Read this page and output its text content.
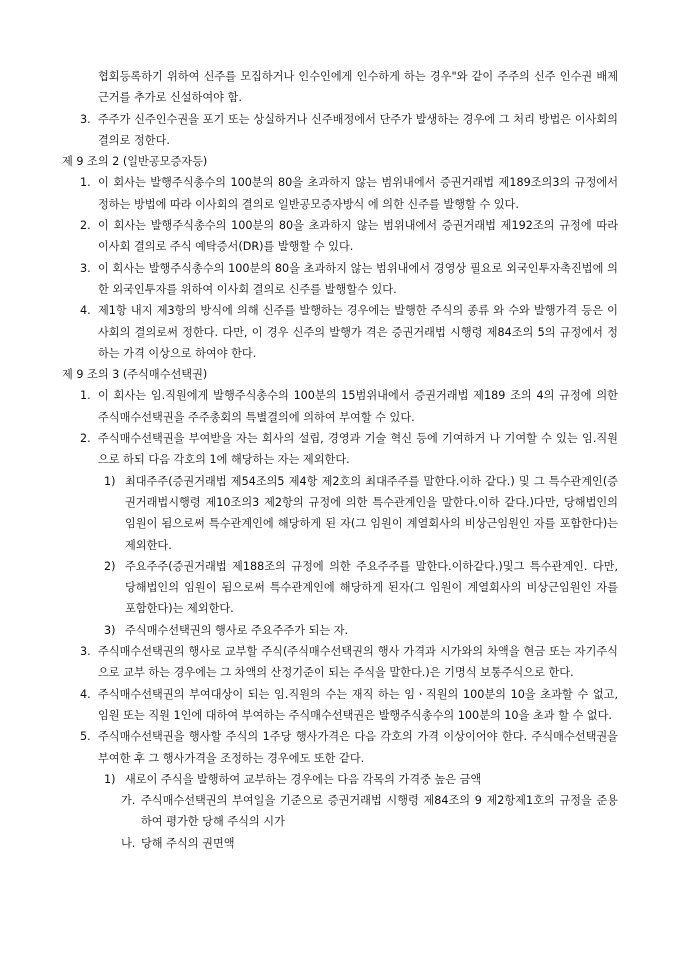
협회등록하기 위하여 신주를 모집하거나 인수인에게 인수하게 하는 경우"와 같이 주주의 신주 인수권 배제근거를 추가로 신설하여야 함.
3. 주주가 신주인수권을 포기 또는 상실하거나 신주배정에서 단주가 발생하는 경우에 그 처리 방법은 이사회의 결의로 정한다.
제 9 조의 2 (일반공모증자등)
1. 이 회사는 발행주식총수의 100분의 80을 초과하지 않는 범위내에서 증권거래법 제189조의3의 규정에서 정하는 방법에 따라 이사회의 결의로 일반공모증자방식 에 의한 신주를 발행할 수 있다.
2. 이 회사는 발행주식총수의 100분의 80을 초과하지 않는 범위내에서 증권거래법 제192조의 규정에 따라 이사회 결의로 주식 예탁증서(DR)를 발행할 수 있다.
3. 이 회사는 발행주식총수의 100분의 80을 초과하지 않는 범위내에서 경영상 필요로 외국인투자촉진법에 의한 외국인투자를 위하여 이사회 결의로 신주를 발행할수 있다.
4. 제1항 내지 제3항의 방식에 의해 신주를 발행하는 경우에는 발행한 주식의 종류 와 수와 발행가격 등은 이사회의 결의로써 정한다. 다만, 이 경우 신주의 발행가 격은 증권거래법 시행령 제84조의 5의 규정에서 정하는 가격 이상으로 하여야 한다.
제 9 조의 3 (주식매수선택권)
1. 이 회사는 임.직원에게 발행주식총수의 100분의 15범위내에서 증권거래법 제189 조의 4의 규정에 의한 주식매수선택권을 주주총회의 특별결의에 의하여 부여할 수 있다.
2. 주식매수선택권을 부여받을 자는 회사의 설립, 경영과 기술 혁신 등에 기여하거 나 기여할 수 있는 임.직원으로 하되 다음 각호의 1에 해당하는 자는 제외한다.
1) 최대주주(증권거래법 제54조의5 제4항 제2호의 최대주주를 말한다.이하 같다.) 및 그 특수관계인(증권거래법시행령 제10조의3 제2항의 규정에 의한 특수관계인을 말한다.이하 같다.)다만, 당해법인의 임원이 됨으로써 특수관계인에 해당하게 된 자(그 임원이 계열회사의 비상근임원인 자를 포함한다)는 제외한다.
2) 주요주주(증권거래법 제188조의 규정에 의한 주요주주를 말한다.이하같다.)및그 특수관계인. 다만, 당해법인의 임원이 됨으로써 특수관계인에 해당하게 된자(그 임원이 계열회사의 비상근임원인 자를 포함한다)는 제외한다.
3) 주식매수선택권의 행사로 주요주주가 되는 자.
3. 주식매수선택권의 행사로 교부할 주식(주식매수선택권의 행사 가격과 시가와의 차액을 현금 또는 자기주식으로 교부 하는 경우에는 그 차액의 산정기준이 되는 주식을 말한다.)은 기명식 보통주식으로 한다.
4. 주식매수선택권의 부여대상이 되는 임.직원의 수는 재직 하는 임ㆍ직원의 100분의 10을 초과할 수 없고, 임원 또는 직원 1인에 대하여 부여하는 주식매수선택권은 발행주식총수의 100분의 10을 초과 할 수 없다.
5. 주식매수선택권을 행사할 주식의 1주당 행사가격은 다음 각호의 가격 이상이어야 한다. 주식매수선택권을 부여한 후 그 행사가격을 조정하는 경우에도 또한 같다.
1) 새로이 주식을 발행하여 교부하는 경우에는 다음 각목의 가격중 높은 금액
가. 주식매수선택권의 부여일을 기준으로 증권거래법 시행령 제84조의 9 제2항제1호의 규정을 준용하여 평가한 당해 주식의 시가
나. 당해 주식의 권면액
